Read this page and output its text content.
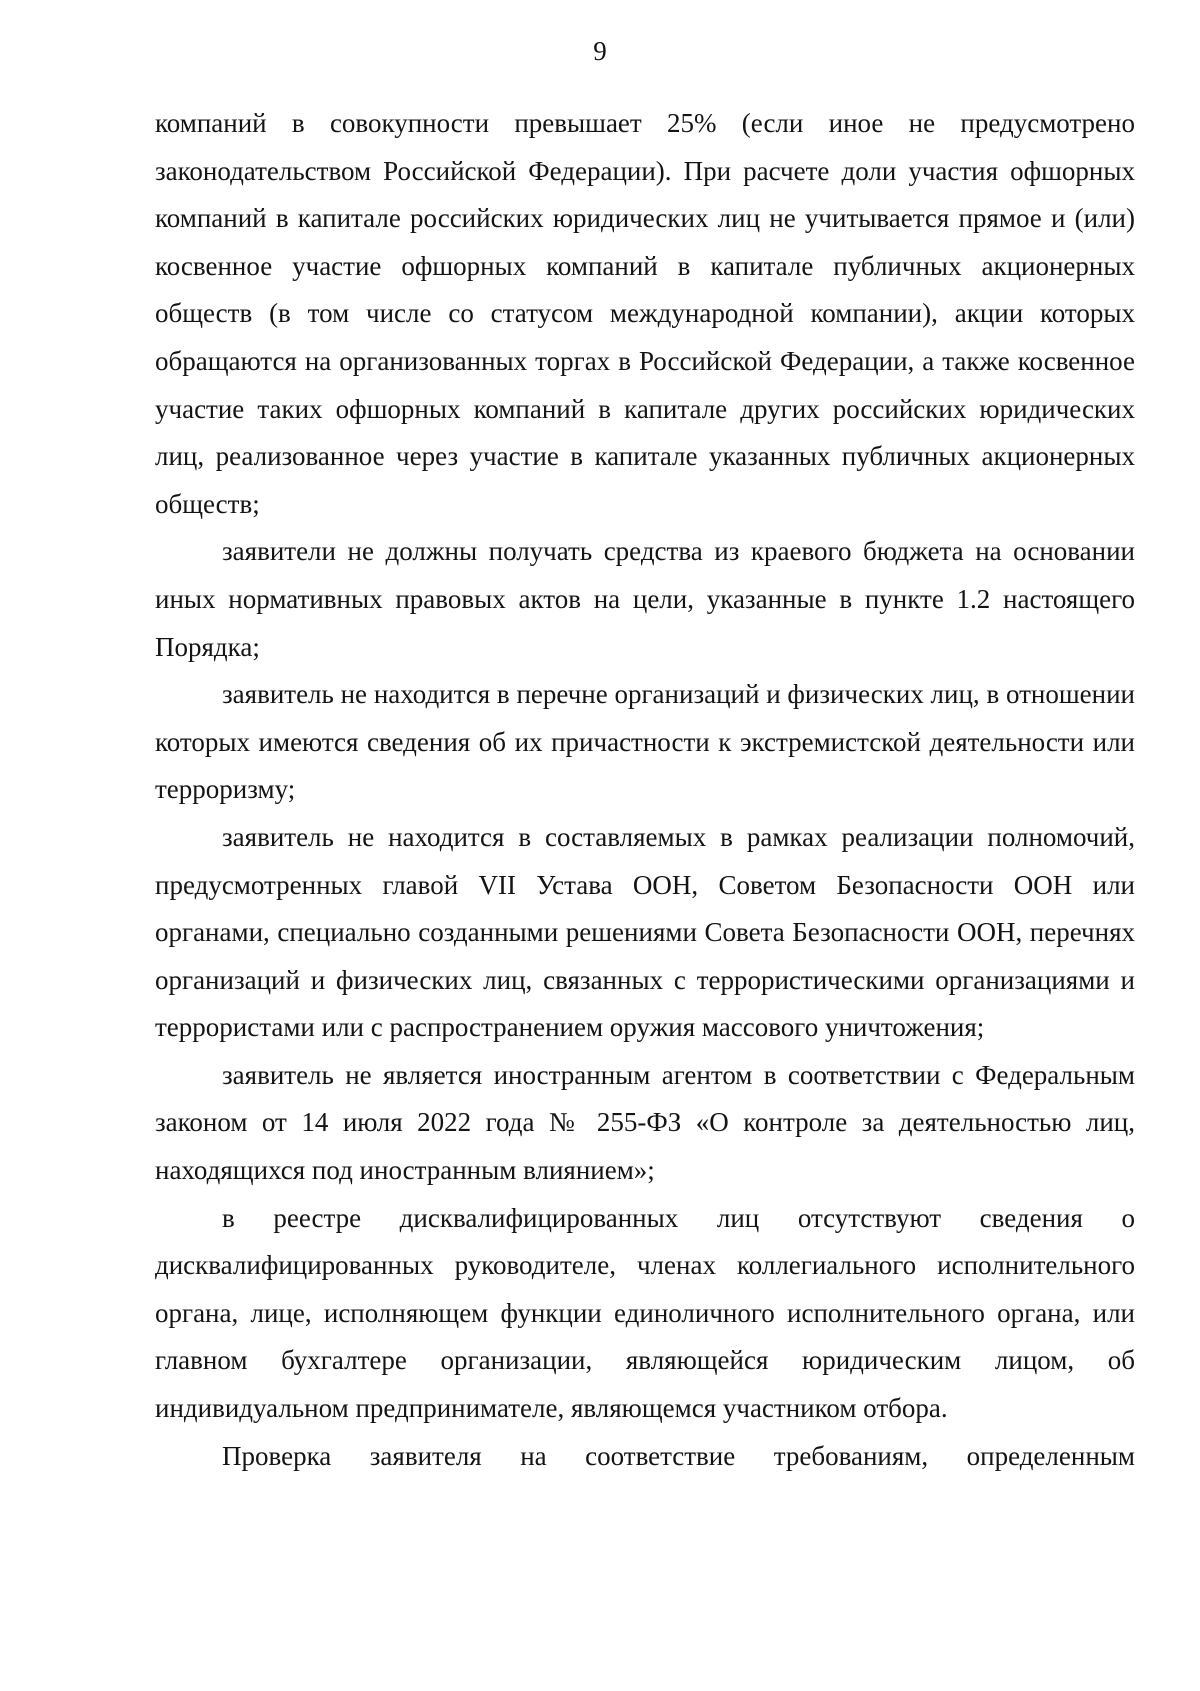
9

компаний в совокупности превышает 25% (если иное не предусмотрено законодательством Российской Федерации). При расчете доли участия офшорных компаний в капитале российских юридических лиц не учитывается прямое и (или) косвенное участие офшорных компаний в капитале публичных акционерных обществ (в том числе со статусом международной компании), акции которых обращаются на организованных торгах в Российской Федерации, а также косвенное участие таких офшорных компаний в капитале других российских юридических лиц, реализованное через участие в капитале указанных публичных акционерных обществ;

заявители не должны получать средства из краевого бюджета на основании иных нормативных правовых актов на цели, указанные в пункте 1.2 настоящего Порядка;

заявитель не находится в перечне организаций и физических лиц, в отношении которых имеются сведения об их причастности к экстремистской деятельности или терроризму;

заявитель не находится в составляемых в рамках реализации полномочий, предусмотренных главой VII Устава ООН, Советом Безопасности ООН или органами, специально созданными решениями Совета Безопасности ООН, перечнях организаций и физических лиц, связанных с террористическими организациями и террористами или с распространением оружия массового уничтожения;

заявитель не является иностранным агентом в соответствии с Федеральным законом от 14 июля 2022 года № 255-ФЗ «О контроле за деятельностью лиц, находящихся под иностранным влиянием»;

в реестре дисквалифицированных лиц отсутствуют сведения о дисквалифицированных руководителе, членах коллегиального исполнительного органа, лице, исполняющем функции единоличного исполнительного органа, или главном бухгалтере организации, являющейся юридическим лицом, об индивидуальном предпринимателе, являющемся участником отбора.

Проверка заявителя на соответствие требованиям, определенным
